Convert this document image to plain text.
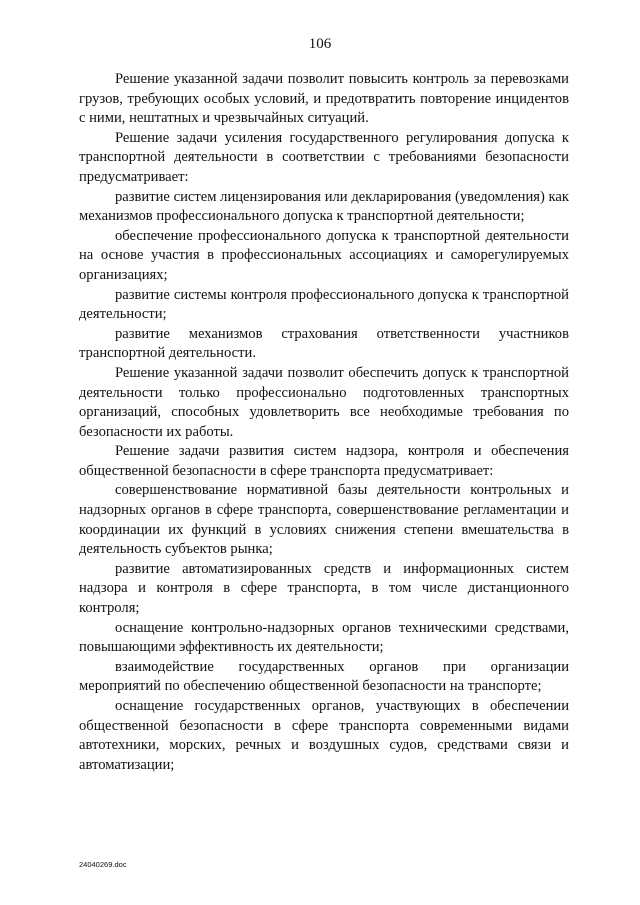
106

Решение указанной задачи позволит повысить контроль за перевозками грузов, требующих особых условий, и предотвратить повторение инцидентов с ними, нештатных и чрезвычайных ситуаций.

Решение задачи усиления государственного регулирования допуска к транспортной деятельности в соответствии с требованиями безопасности предусматривает:

развитие систем лицензирования или декларирования (уведомления) как механизмов профессионального допуска к транспортной деятельности;

обеспечение профессионального допуска к транспортной деятельности на основе участия в профессиональных ассоциациях и саморегулируемых организациях;

развитие системы контроля профессионального допуска к транспортной деятельности;

развитие механизмов страхования ответственности участников транспортной деятельности.

Решение указанной задачи позволит обеспечить допуск к транспортной деятельности только профессионально подготовленных транспортных организаций, способных удовлетворить все необходимые требования по безопасности их работы.

Решение задачи развития систем надзора, контроля и обеспечения общественной безопасности в сфере транспорта предусматривает:

совершенствование нормативной базы деятельности контрольных и надзорных органов в сфере транспорта, совершенствование регламентации и координации их функций в условиях снижения степени вмешательства в деятельность субъектов рынка;

развитие автоматизированных средств и информационных систем надзора и контроля в сфере транспорта, в том числе дистанционного контроля;

оснащение контрольно-надзорных органов техническими средствами, повышающими эффективность их деятельности;

взаимодействие государственных органов при организации мероприятий по обеспечению общественной безопасности на транспорте;

оснащение государственных органов, участвующих в обеспечении общественной безопасности в сфере транспорта современными видами автотехники, морских, речных и воздушных судов, средствами связи и автоматизации;

24040269.doc
